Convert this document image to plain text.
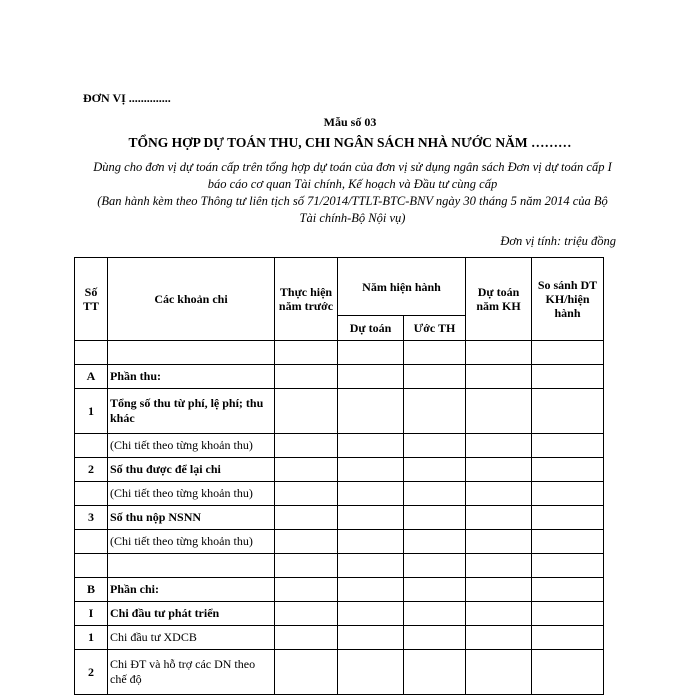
ĐƠN VỊ ..............
Mẫu số 03
TỔNG HỢP DỰ TOÁN THU, CHI NGÂN SÁCH NHÀ NƯỚC NĂM ………
Dùng cho đơn vị dự toán cấp trên tổng hợp dự toán của đơn vị sử dụng ngân sách Đơn vị dự toán cấp I báo cáo cơ quan Tài chính, Kế hoạch và Đầu tư cùng cấp
(Ban hành kèm theo Thông tư liên tịch số 71/2014/TTLT-BTC-BNV ngày 30 tháng 5 năm 2014 của Bộ Tài chính-Bộ Nội vụ)
Đơn vị tính: triệu đồng
Số TT	Các khoản chi	Thực hiện năm trước	Năm hiện hành		Dự toán năm KH	So sánh DT KH/hiện hành
			Dự toán	Ước TH		

A	Phần thu:					
1	Tổng số thu từ phí, lệ phí; thu khác					
	(Chi tiết theo từng khoản thu)					
2	Số thu được để lại chi					
	(Chi tiết theo từng khoản thu)					
3	Số thu nộp NSNN					
	(Chi tiết theo từng khoản thu)					

B	Phần chi:					
I	Chi đầu tư phát triển					
1	Chi đầu tư XDCB					
2	Chi ĐT và hỗ trợ các DN theo chế độ					
